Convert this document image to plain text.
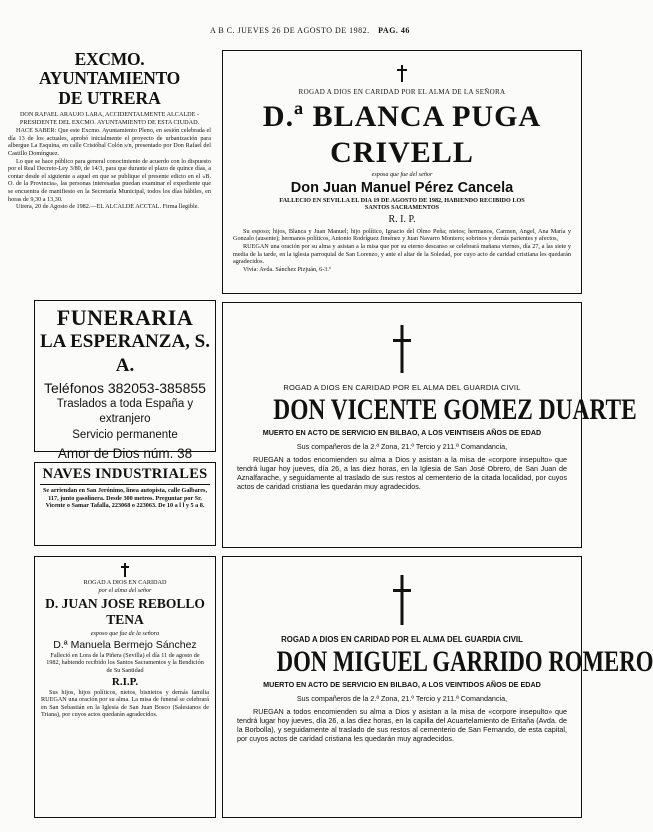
A B C. JUEVES 26 DE AGOSTO DE 1982. PAG. 46
EXCMO. AYUNTAMIENTO
DE UTRERA

DON RAFAEL ARAUJO LARA, ACCIDENTALMENTE ALCALDE - PRESIDENTE DEL EXCMO. AYUNTAMIENTO DE ESTA CIUDAD.

HACE SABER: Que este Excmo. Ayuntamiento Pleno, en sesión celebrada el día 13 de los actuales, aprobó inicialmente el proyecto de urbanización para albergue La Esquina, en calle Cristóbal Colón s/n, presentado por Don Rafael del Castillo Domínguez.

Lo que se hace público para general conocimiento de acuerdo con lo dispuesto por el Real Decreto-Ley 3/80, de 14/3, para que durante el plazo de quince días, a contar desde el siguiente a aquel en que se publique el presente edicto en el «B. O. de la Provincia», las personas interesadas puedan examinar el expediente que se encuentra de manifiesto en la Secretaría Municipal, todos los días hábiles, en horas de 9,30 a 13,30.

Utrera, 20 de Agosto de 1982.—EL ALCALDE ACCTAL. Firma llegible.

FUNERARIA
LA ESPERANZA, S. A.
Teléfonos 382053-385855
Traslados a toda España y extranjero
Servicio permanente
Amor de Dios núm. 38
NAVES INDUSTRIALES

Se arriendan en San Jerónimo, línea autopista, calle Galbares, 117, junto gasolinera. Desde 300 metros. Preguntar por Sr. Vicente o Samar Tafalla, 223068 o 223063. De 10 a l l y 5 a 8.

ROGAD A DIOS EN CARIDAD

por el alma del señor

D. JUAN JOSE REBOLLO
TENA

esposo que fue de la señora

D.ª Manuela Bermejo Sánchez

Falleció en Lora de la Piñera (Sevilla) el día 11 de agosto de 1982, habiendo recibido los Santos Sacramentos y la Bendición de Su Santidad

R.I.P.

Sus hijos, hijos políticos, nietos, bisnietos y demás familia RUEGAN una oración por su alma. La misa de funeral se celebrará en San Sebastián en la Iglesia de San Juan Bosco (Salesianos de Triana), por cuyos actos quedarán agradecidos.

ROGAD A DIOS EN CARIDAD POR EL ALMA DE LA SEÑORA

D.ª BLANCA PUGA CRIVELL

esposa que fue del señor

Don Juan Manuel Pérez Cancela

FALLECIO EN SEVILLA EL DIA 19 DE AGOSTO DE 1982, HABIENDO RECIBIDO LOS SANTOS SACRAMENTOS

R. I. P.

Su esposo; hijos, Blanca y Juan Manuel; hijo político, Ignacio del Olmo Peña; nietos; hermanos, Carmen, Angel, Ana María y Gonzalo (ausente); hermanos políticos, Antonio Rodríguez Jiménez y Juan Navarro Montero; sobrinos y demás parientes y afectos,

RUEGAN una oración por su alma y asistan a la misa que por su eterno descanso se celebrará mañana viernes, día 27, a las siete y media de la tarde, en la iglesia parroquial de San Lorenzo, y ante el altar de la Soledad, por cuyo acto de caridad cristiana les quedarán agradecidos.

Vivía: Avda. Sánchez Pizjuán, 6-3.º

ROGAD A DIOS EN CARIDAD POR EL ALMA DEL GUARDIA CIVIL

DON VICENTE GOMEZ DUARTE

MUERTO EN ACTO DE SERVICIO EN BILBAO, A LOS VEINTISEIS AÑOS DE EDAD

Sus compañeros de la 2.ª Zona, 21.º Tercio y 211.ª Comandancia,

RUEGAN a todos encomienden su alma a Dios y asistan a la misa de «corpore insepulto» que tendrá lugar hoy jueves, día 26, a las diez horas, en la Iglesia de San José Obrero, de San Juan de Aznalfarache, y seguidamente al traslado de sus restos al cementerio de la citada localidad, por cuyos actos de caridad cristiana les quedarán muy agradecidos.

ROGAD A DIOS EN CARIDAD POR EL ALMA DEL GUARDIA CIVIL

DON MIGUEL GARRIDO ROMERO

MUERTO EN ACTO DE SERVICIO EN BILBAO, A LOS VEINTIDOS AÑOS DE EDAD

Sus compañeros de la 2.ª Zona, 21.º Tercio y 211.ª Comandancia,

RUEGAN a todos encomienden su alma a Dios y asistan a la misa de «corpore insepulto» que tendrá lugar hoy jueves, día 26, a las diez horas, en la capilla del Acuartelamiento de Eritaña (Avda. de la Borbolla), y seguidamente al traslado de sus restos al cementerio de San Fernando, de esta capital, por cuyos actos de caridad cristiana les quedarán muy agradecidos.
